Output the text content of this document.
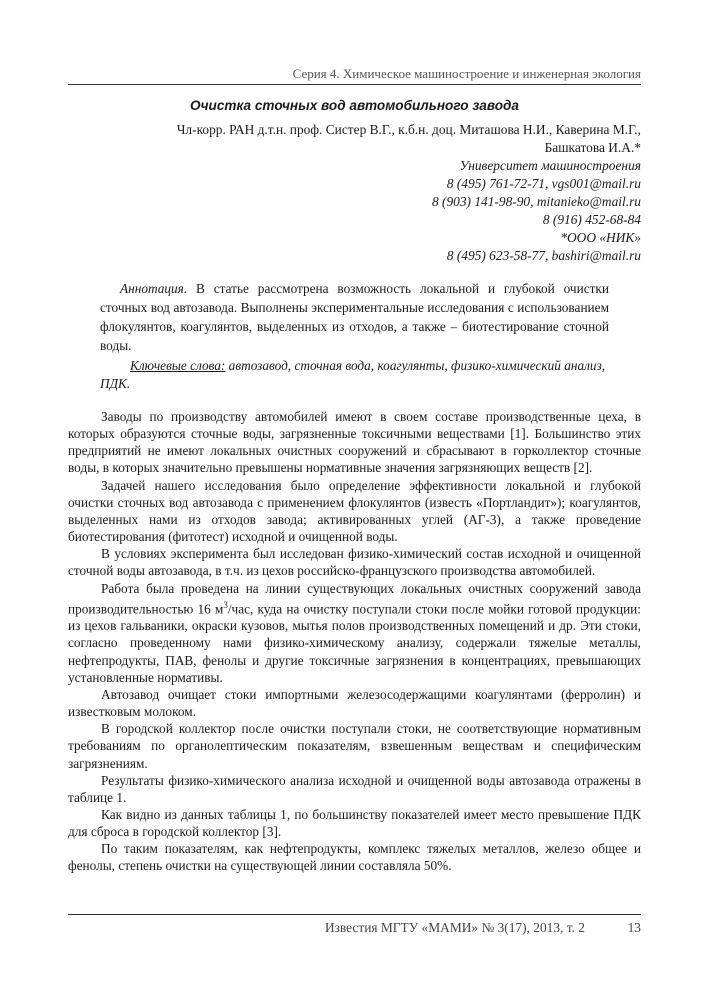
Серия 4. Химическое машиностроение и инженерная экология
Очистка сточных вод автомобильного завода
Чл-корр. РАН д.т.н. проф. Систер В.Г., к.б.н. доц. Миташова Н.И., Каверина М.Г.,
Башкатова И.А.*
Университет машиностроения
8 (495) 761-72-71, vgs001@mail.ru
8 (903) 141-98-90, mitanieko@mail.ru
8 (916) 452-68-84
*ООО «НИК»
8 (495) 623-58-77, bashiri@mail.ru

Аннотация. В статье рассмотрена возможность локальной и глубокой очистки сточных вод автозавода. Выполнены экспериментальные исследования с использованием флокулянтов, коагулянтов, выделенных из отходов, а также – биотестирование сточной воды.

Ключевые слова: автозавод, сточная вода, коагулянты, физико-химический анализ, ПДК.

Заводы по производству автомобилей имеют в своем составе производственные цеха, в которых образуются сточные воды, загрязненные токсичными веществами [1]. Большинство этих предприятий не имеют локальных очистных сооружений и сбрасывают в горколлектор сточные воды, в которых значительно превышены нормативные значения загрязняющих веществ [2].

Задачей нашего исследования было определение эффективности локальной и глубокой очистки сточных вод автозавода с применением флокулянтов (известь «Портландит»); коагулянтов, выделенных нами из отходов завода; активированных углей (АГ-3), а также проведение биотестирования (фитотест) исходной и очищенной воды.

В условиях эксперимента был исследован физико-химический состав исходной и очищенной сточной воды автозавода, в т.ч. из цехов российско-французского производства автомобилей.

Работа была проведена на линии существующих локальных очистных сооружений завода производительностью 16 $м^3$/час, куда на очистку поступали стоки после мойки готовой продукции: из цехов гальваники, окраски кузовов, мытья полов производственных помещений и др. Эти стоки, согласно проведенному нами физико-химическому анализу, содержали тяжелые металлы, нефтепродукты, ПАВ, фенолы и другие токсичные загрязнения в концентрациях, превышающих установленные нормативы.

Автозавод очищает стоки импортными железосодержащими коагулянтами (ферролин) и известковым молоком.

В городской коллектор после очистки поступали стоки, не соответствующие нормативным требованиям по органолептическим показателям, взвешенным веществам и специфическим загрязнениям.

Результаты физико-химического анализа исходной и очищенной воды автозавода отражены в таблице 1.

Как видно из данных таблицы 1, по большинству показателей имеет место превышение ПДК для сброса в городской коллектор [3].

По таким показателям, как нефтепродукты, комплекс тяжелых металлов, железо общее и фенолы, степень очистки на существующей линии составляла 50%.

Известия МГТУ «МАМИ» № 3(17), 2013, т. 2	13
